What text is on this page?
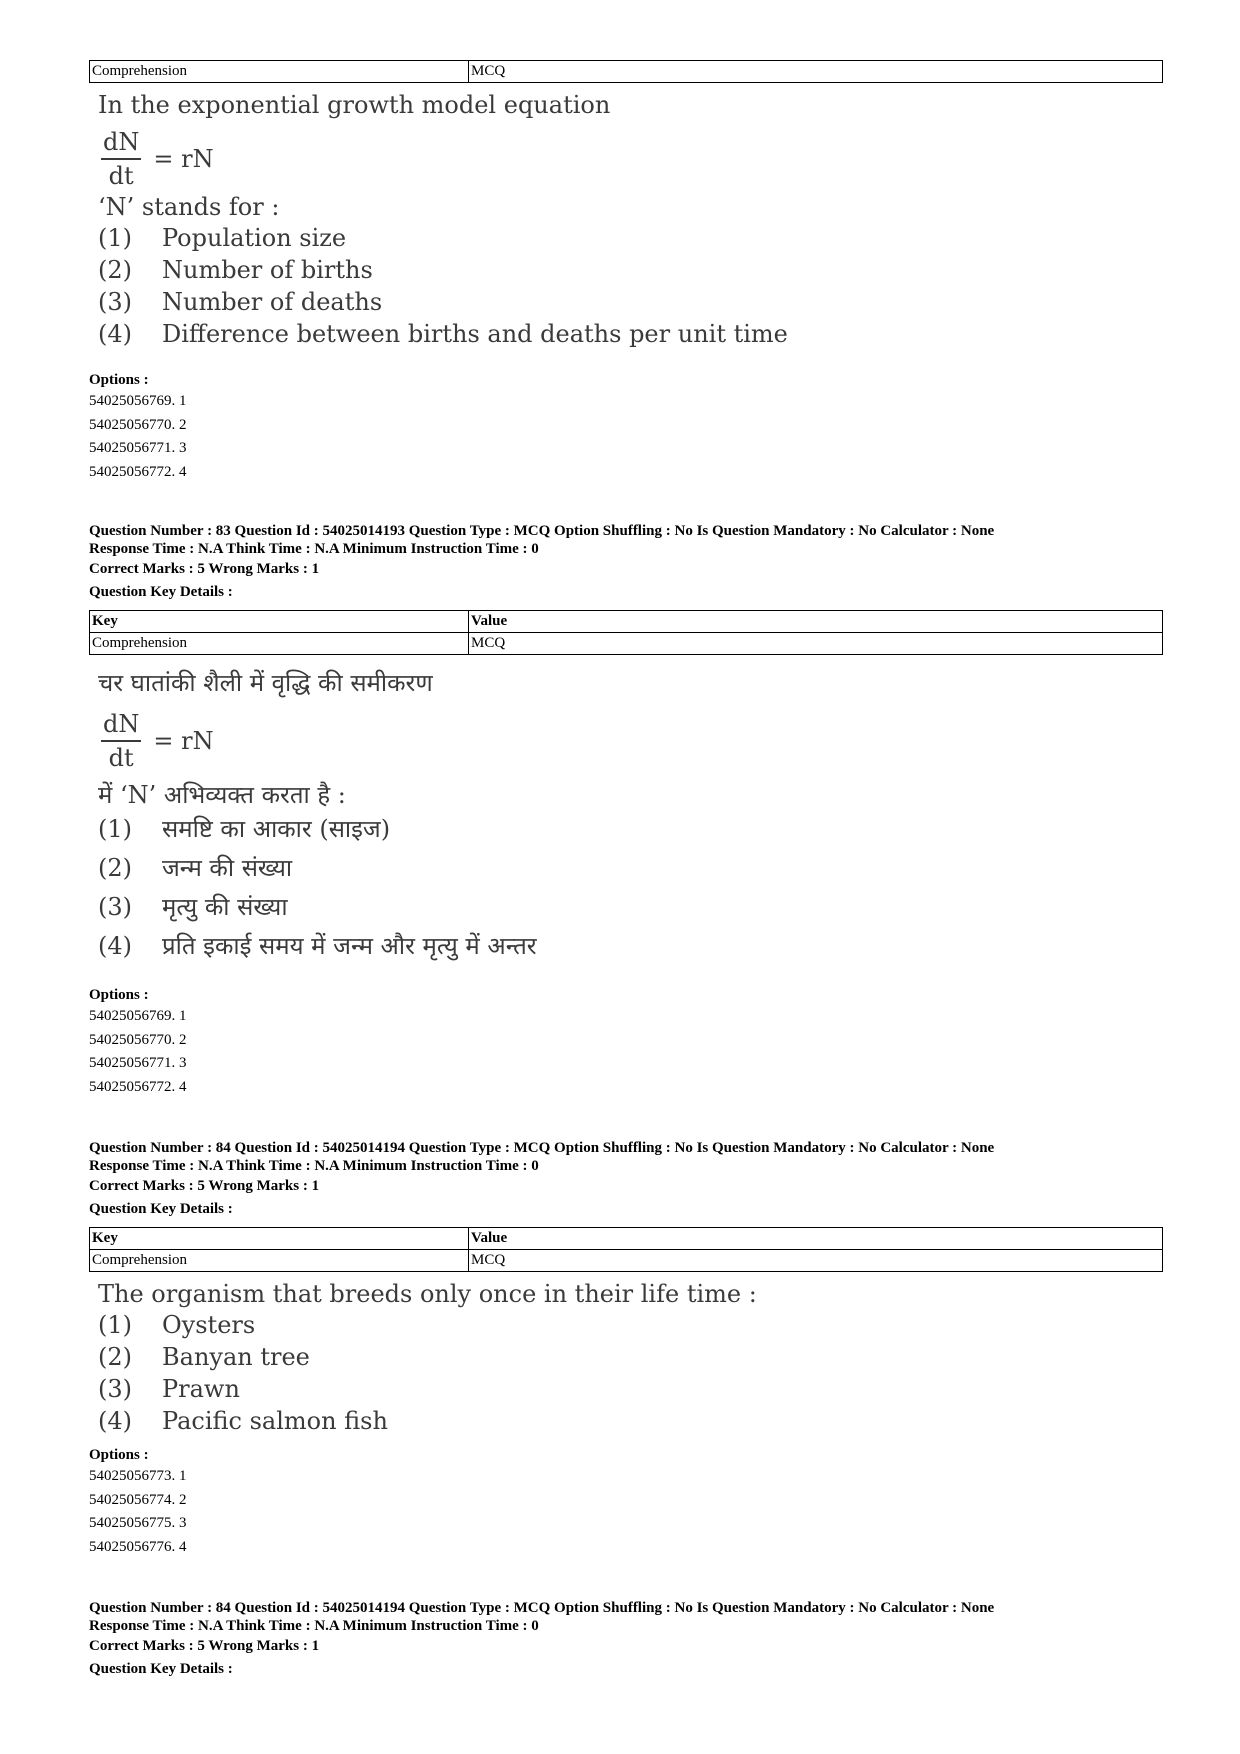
Comprehension	MCQ
In the exponential growth model equation
$\frac{dN}{dt}$ = rN
‘N’ stands for :
(1)	Population size
(2)	Number of births
(3)	Number of deaths
(4)	Difference between births and deaths per unit time
Options :
54025056769. 1
54025056770. 2
54025056771. 3
54025056772. 4
Question Number : 83 Question Id : 54025014193 Question Type : MCQ Option Shuffling : No Is Question Mandatory : No Calculator : None
Response Time : N.A Think Time : N.A Minimum Instruction Time : 0
Correct Marks : 5 Wrong Marks : 1
Question Key Details :
Key	Value
Comprehension	MCQ
चर घातांकी शैली में वृद्धि की समीकरण
$\frac{dN}{dt}$ = rN
में ‘N’ अभिव्यक्त करता है :
(1)	समष्टि का आकार (साइज)
(2)	जन्म की संख्या
(3)	मृत्यु की संख्या
(4)	प्रति इकाई समय में जन्म और मृत्यु में अन्तर
Options :
54025056769. 1
54025056770. 2
54025056771. 3
54025056772. 4
Question Number : 84 Question Id : 54025014194 Question Type : MCQ Option Shuffling : No Is Question Mandatory : No Calculator : None
Response Time : N.A Think Time : N.A Minimum Instruction Time : 0
Correct Marks : 5 Wrong Marks : 1
Question Key Details :
Key	Value
Comprehension	MCQ
The organism that breeds only once in their life time :
(1)	Oysters
(2)	Banyan tree
(3)	Prawn
(4)	Pacific salmon fish
Options :
54025056773. 1
54025056774. 2
54025056775. 3
54025056776. 4
Question Number : 84 Question Id : 54025014194 Question Type : MCQ Option Shuffling : No Is Question Mandatory : No Calculator : None
Response Time : N.A Think Time : N.A Minimum Instruction Time : 0
Correct Marks : 5 Wrong Marks : 1
Question Key Details :
